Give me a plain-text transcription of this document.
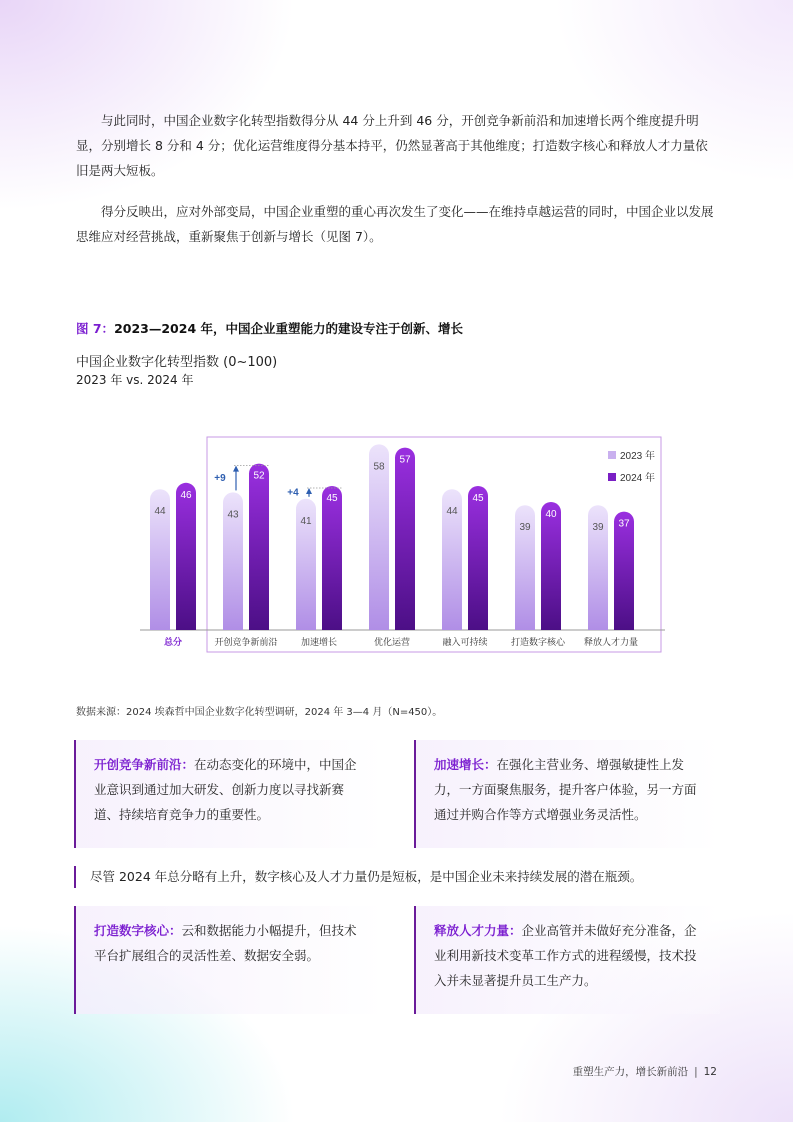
与此同时，中国企业数字化转型指数得分从 44 分上升到 46 分，开创竞争新前沿和加速增长两个维度提升明显，分别增长 8 分和 4 分；优化运营维度得分基本持平，仍然显著高于其他维度；打造数字核心和释放人才力量依旧是两大短板。
得分反映出，应对外部变局，中国企业重塑的重心再次发生了变化——在维持卓越运营的同时，中国企业以发展思维应对经营挑战，重新聚焦于创新与增长（见图 7）。
图 7：2023—2024 年，中国企业重塑能力的建设专注于创新、增长
中国企业数字化转型指数 (0~100)
2023 年 vs. 2024 年
44
46
总分
43
52
开创竞争新前沿
41
45
加速增长
58
57
优化运营
44
45
融入可持续
39
40
打造数字核心
39 37
释放人才力量
+9
+4
2023 年
2024 年
数据来源：2024 埃森哲中国企业数字化转型调研，2024 年 3—4 月（N=450）。
开创竞争新前沿：在动态变化的环境中，中国企业意识到通过加大研发、创新力度以寻找新赛道、持续培育竞争力的重要性。
加速增长：在强化主营业务、增强敏捷性上发力，一方面聚焦服务，提升客户体验，另一方面通过并购合作等方式增强业务灵活性。
尽管 2024 年总分略有上升，数字核心及人才力量仍是短板，是中国企业未来持续发展的潜在瓶颈。
打造数字核心：云和数据能力小幅提升，但技术平台扩展组合的灵活性差、数据安全弱。
释放人才力量：企业高管并未做好充分准备，企业利用新技术变革工作方式的进程缓慢，技术投入并未显著提升员工生产力。
重塑生产力，增长新前沿 | 12
